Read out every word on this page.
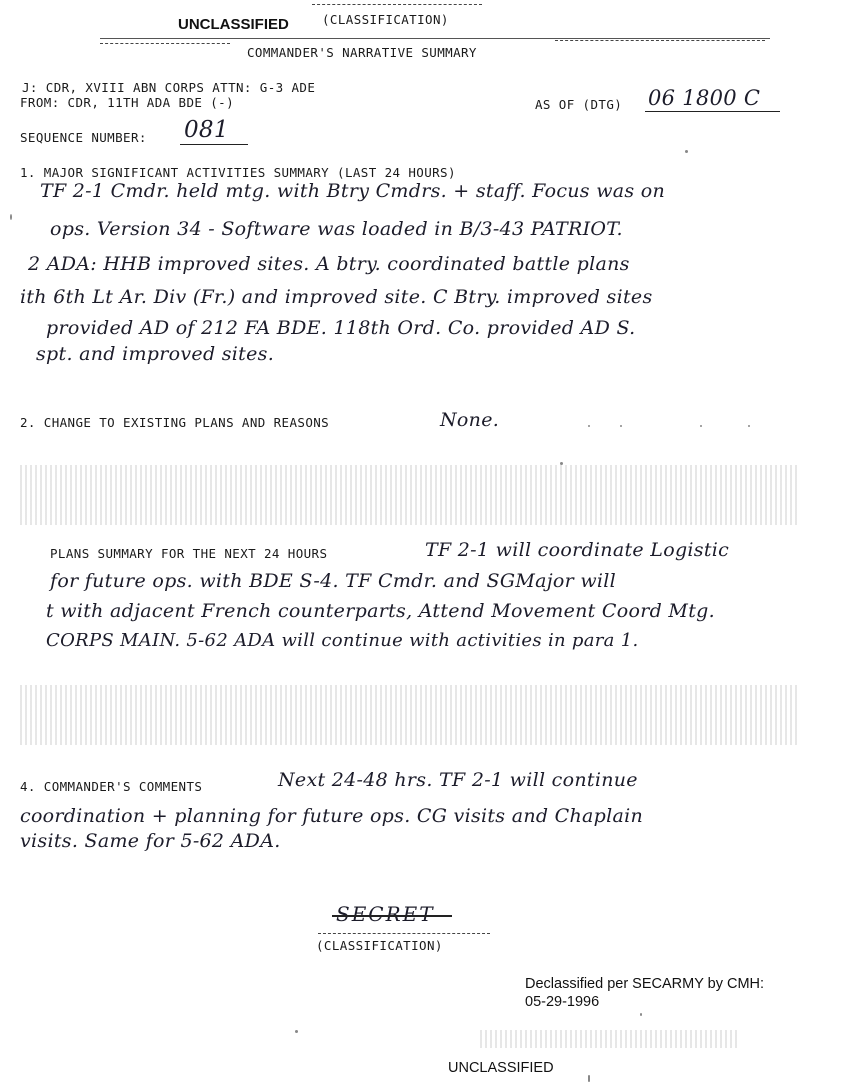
UNCLASSIFIED	(CLASSIFICATION)
COMMANDER'S NARRATIVE SUMMARY
J: CDR, XVIII ABN CORPS ATTN: G-3 ADE
FROM: CDR, 11TH ADA BDE (-)	AS OF (DTG) 06 1800 C
SEQUENCE NUMBER: 081
1. MAJOR SIGNIFICANT ACTIVITIES SUMMARY (LAST 24 HOURS)
TF 2-1 Cmdr. held mtg. with Btry Cmdrs. + staff. Focus was on
ops. Version 34 - Software was loaded in B/3-43 PATRIOT.
2 ADA: HHB improved sites. A btry. coordinated battle plans
ith 6th Lt Ar. Div (Fr.) and improved site. C Btry. improved sites
provided AD of 212 FA BDE. 118th Ord. Co. provided AD S.
spt. and improved sites.
2. CHANGE TO EXISTING PLANS AND REASONS	None.
PLANS SUMMARY FOR THE NEXT 24 HOURS	TF 2-1 will coordinate Logistic
for future ops. with BDE S-4. TF Cmdr. and SGMajor will
t with adjacent French counterparts, Attend Movement Coord Mtg.
CORPS MAIN. 5-62 ADA will continue with activities in para 1.
4. COMMANDER'S COMMENTS	Next 24-48 hrs. TF 2-1 will continue
coordination + planning for future ops. CG visits and Chaplain
visits. Same for 5-62 ADA.
SECRET
(CLASSIFICATION)
Declassified per SECARMY by CMH:
05-29-1996
UNCLASSIFIED
